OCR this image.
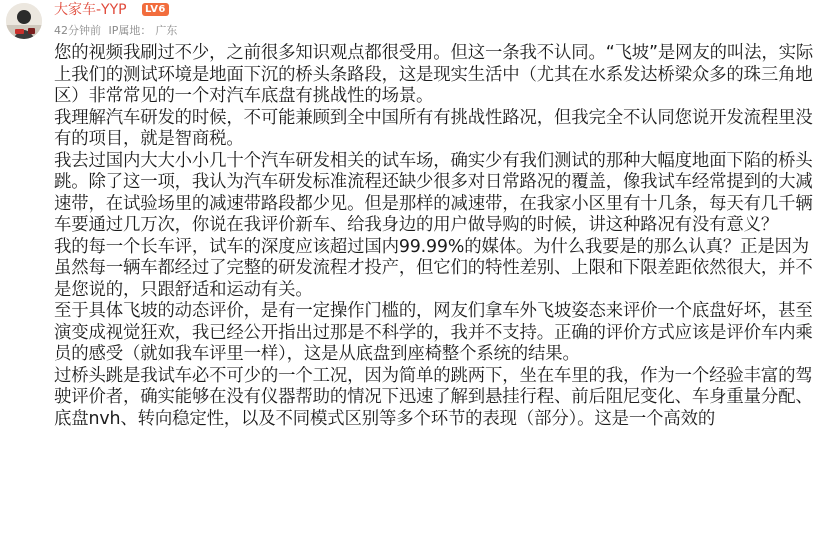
大家车-YYP	LV6
42分钟前 IP属地： 广东

您的视频我刷过不少，之前很多知识观点都很受用。但这一条我不认同。“飞坡”是网友的叫法，实际上我们的测试环境是地面下沉的桥头条路段，这是现实生活中（尤其在水系发达桥梁众多的珠三角地区）非常常见的一个对汽车底盘有挑战性的场景。

我理解汽车研发的时候，不可能兼顾到全中国所有有挑战性路况，但我完全不认同您说开发流程里没有的项目，就是智商税。

我去过国内大大小小几十个汽车研发相关的试车场，确实少有我们测试的那种大幅度地面下陷的桥头跳。除了这一项，我认为汽车研发标准流程还缺少很多对日常路况的覆盖，像我试车经常提到的大减速带，在试验场里的减速带路段都少见。但是那样的减速带，在我家小区里有十几条，每天有几千辆车要通过几万次，你说在我评价新车、给我身边的用户做导购的时候，讲这种路况有没有意义？

我的每一个长车评，试车的深度应该超过国内99.99%的媒体。为什么我要是的那么认真？正是因为虽然每一辆车都经过了完整的研发流程才投产，但它们的特性差别、上限和下限差距依然很大，并不是您说的，只跟舒适和运动有关。

至于具体飞坡的动态评价，是有一定操作门槛的，网友们拿车外飞坡姿态来评价一个底盘好坏，甚至演变成视觉狂欢，我已经公开指出过那是不科学的，我并不支持。正确的评价方式应该是评价车内乘员的感受（就如我车评里一样），这是从底盘到座椅整个系统的结果。

过桥头跳是我试车必不可少的一个工况，因为简单的跳两下，坐在车里的我，作为一个经验丰富的驾驶评价者，确实能够在没有仪器帮助的情况下迅速了解到悬挂行程、前后阻尼变化、车身重量分配、底盘nvh、转向稳定性，以及不同模式区别等多个环节的表现（部分）。这是一个高效的
